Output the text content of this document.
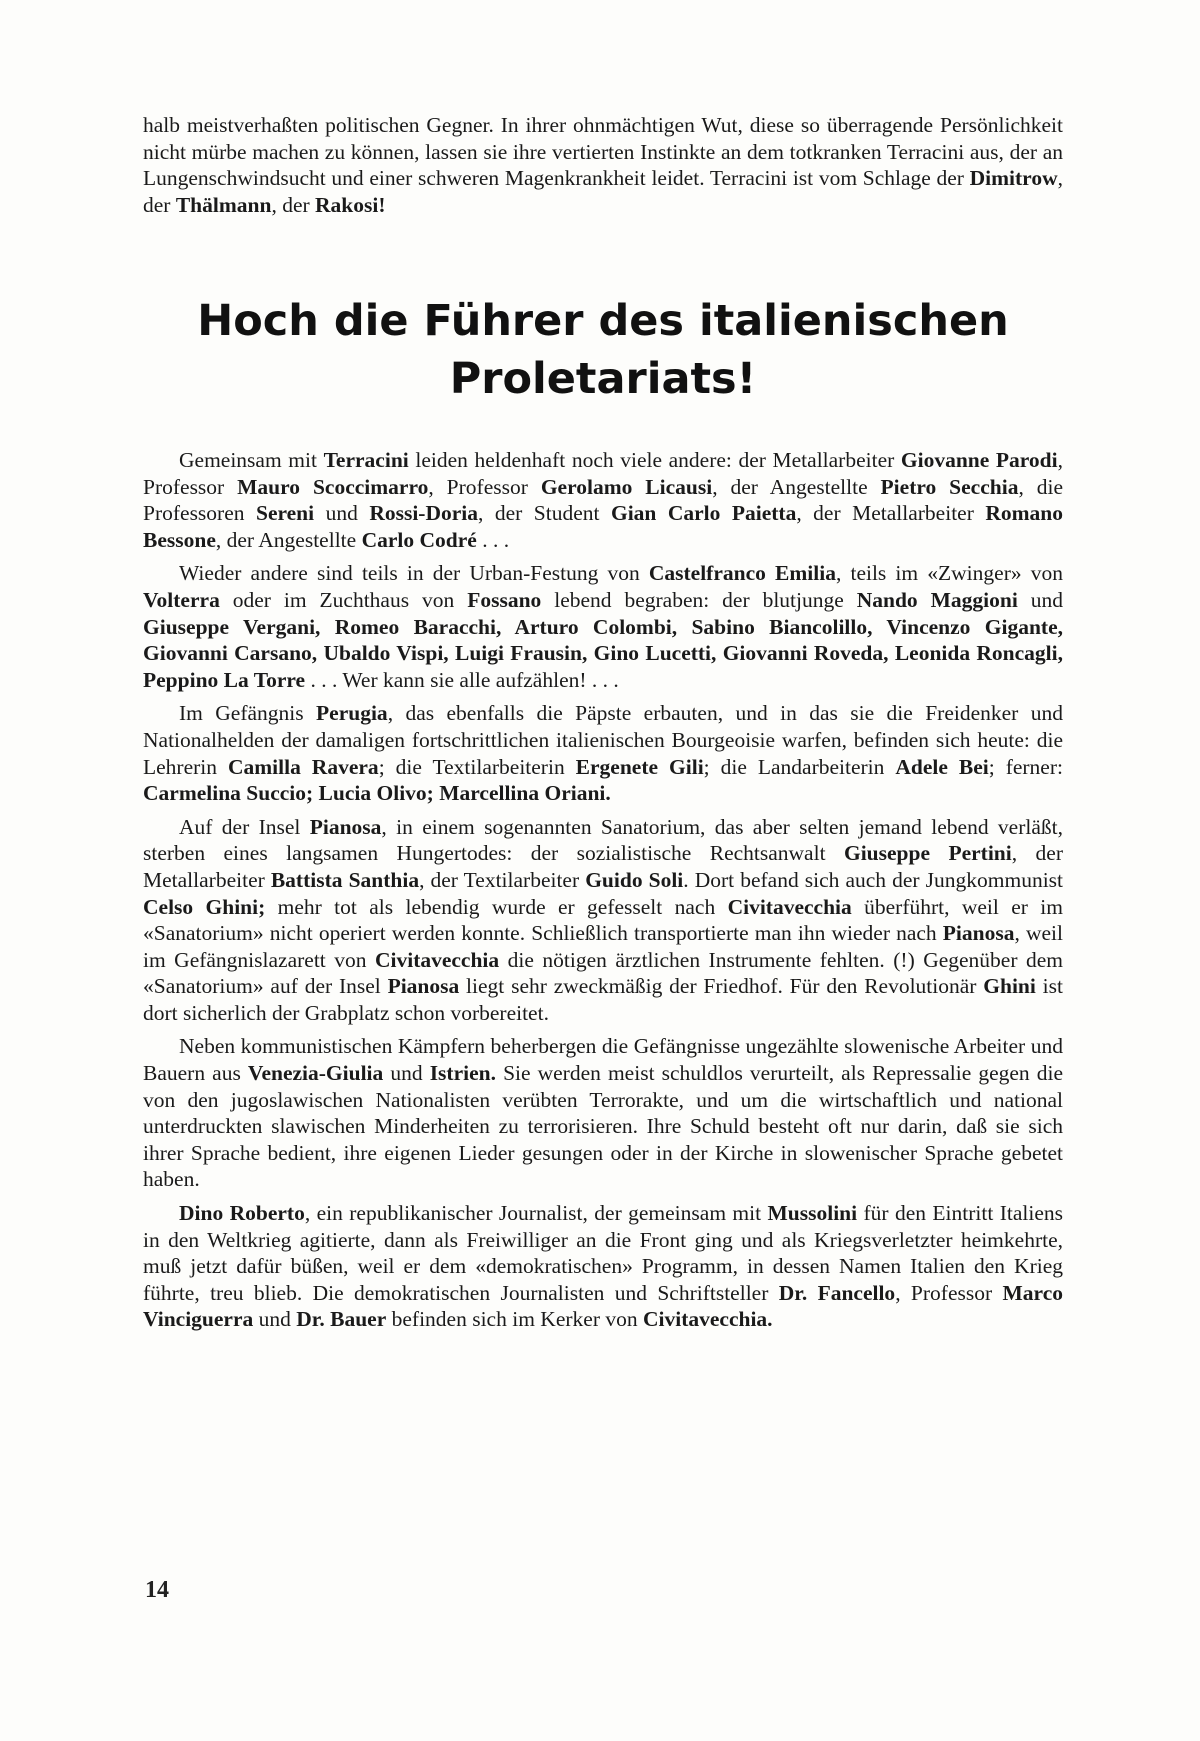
halb meistverhaßten politischen Gegner. In ihrer ohnmächtigen Wut, diese so überragende Persönlichkeit nicht mürbe machen zu können, lassen sie ihre vertierten Instinkte an dem totkranken Terracini aus, der an Lungenschwindsucht und einer schweren Magenkrankheit leidet. Terracini ist vom Schlage der Dimitrow, der Thälmann, der Rakosi!

Hoch die Führer des italienischen
Proletariats!

Gemeinsam mit Terracini leiden heldenhaft noch viele andere: der Metallarbeiter Giovanne Parodi, Professor Mauro Scoccimarro, Professor Gerolamo Licausi, der Angestellte Pietro Secchia, die Professoren Sereni und Rossi-Doria, der Student Gian Carlo Paietta, der Metallarbeiter Romano Bessone, der Angestellte Carlo Codré . . .

Wieder andere sind teils in der Urban-Festung von Castelfranco Emilia, teils im «Zwinger» von Volterra oder im Zuchthaus von Fossano lebend begraben: der blutjunge Nando Maggioni und Giuseppe Vergani, Romeo Baracchi, Arturo Colombi, Sabino Biancolillo, Vincenzo Gigante, Giovanni Carsano, Ubaldo Vispi, Luigi Frausin, Gino Lucetti, Giovanni Roveda, Leonida Roncagli, Peppino La Torre . . . Wer kann sie alle aufzählen! . . .

Im Gefängnis Perugia, das ebenfalls die Päpste erbauten, und in das sie die Freidenker und Nationalhelden der damaligen fortschrittlichen italienischen Bourgeoisie warfen, befinden sich heute: die Lehrerin Camilla Ravera; die Textilarbeiterin Ergenete Gili; die Landarbeiterin Adele Bei; ferner: Carmelina Succio; Lucia Olivo; Marcellina Oriani.

Auf der Insel Pianosa, in einem sogenannten Sanatorium, das aber selten jemand lebend verläßt, sterben eines langsamen Hungertodes: der sozialistische Rechtsanwalt Giuseppe Pertini, der Metallarbeiter Battista Santhia, der Textilarbeiter Guido Soli. Dort befand sich auch der Jungkommunist Celso Ghini; mehr tot als lebendig wurde er gefesselt nach Civitavecchia überführt, weil er im «Sanatorium» nicht operiert werden konnte. Schließlich transportierte man ihn wieder nach Pianosa, weil im Gefängnislazarett von Civitavecchia die nötigen ärztlichen Instrumente fehlten. (!) Gegenüber dem «Sanatorium» auf der Insel Pianosa liegt sehr zweckmäßig der Friedhof. Für den Revolutionär Ghini ist dort sicherlich der Grabplatz schon vorbereitet.

Neben kommunistischen Kämpfern beherbergen die Gefängnisse ungezählte slowenische Arbeiter und Bauern aus Venezia-Giulia und Istrien. Sie werden meist schuldlos verurteilt, als Repressalie gegen die von den jugoslawischen Nationalisten verübten Terrorakte, und um die wirtschaftlich und national unterdruckten slawischen Minderheiten zu terrorisieren. Ihre Schuld besteht oft nur darin, daß sie sich ihrer Sprache bedient, ihre eigenen Lieder gesungen oder in der Kirche in slowenischer Sprache gebetet haben.

Dino Roberto, ein republikanischer Journalist, der gemeinsam mit Mussolini für den Eintritt Italiens in den Weltkrieg agitierte, dann als Freiwilliger an die Front ging und als Kriegsverletzter heimkehrte, muß jetzt dafür büßen, weil er dem «demokratischen» Programm, in dessen Namen Italien den Krieg führte, treu blieb. Die demokratischen Journalisten und Schriftsteller Dr. Fancello, Professor Marco Vinciguerra und Dr. Bauer befinden sich im Kerker von Civitavecchia.

14
